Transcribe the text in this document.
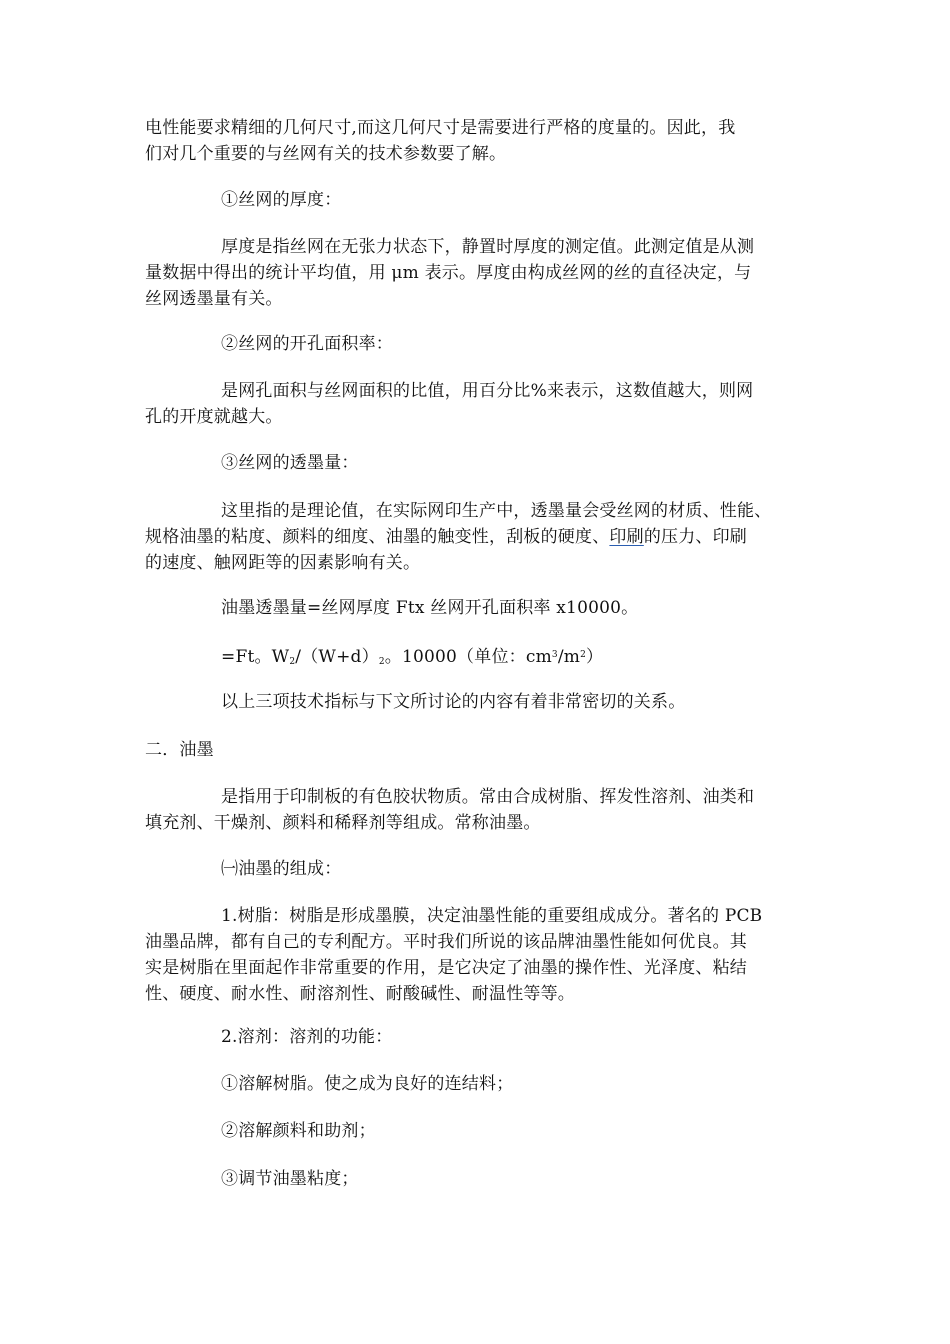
电性能要求精细的几何尺寸,而这几何尺寸是需要进行严格的度量的。因此，我
们对几个重要的与丝网有关的技术参数要了解。
①丝网的厚度：
厚度是指丝网在无张力状态下，静置时厚度的测定值。此测定值是从测
量数据中得出的统计平均值，用 μm 表示。厚度由构成丝网的丝的直径决定，与
丝网透墨量有关。
②丝网的开孔面积率：
是网孔面积与丝网面积的比值，用百分比%来表示，这数值越大，则网
孔的开度就越大。
③丝网的透墨量：
这里指的是理论值，在实际网印生产中，透墨量会受丝网的材质、性能、
规格油墨的粘度、颜料的细度、油墨的触变性，刮板的硬度、印刷的压力、印刷
的速度、触网距等的因素影响有关。
油墨透墨量=丝网厚度 Ftx 丝网开孔面积率 x10000。
=Ft。$W_2/(W+d)_2$。10000（单位：$cm^3/m^2$）
以上三项技术指标与下文所讨论的内容有着非常密切的关系。
二．油墨
是指用于印制板的有色胶状物质。常由合成树脂、挥发性溶剂、油类和
填充剂、干燥剂、颜料和稀释剂等组成。常称油墨。
㈠油墨的组成：
1.树脂：树脂是形成墨膜，决定油墨性能的重要组成成分。著名的 PCB
油墨品牌，都有自己的专利配方。平时我们所说的该品牌油墨性能如何优良。其
实是树脂在里面起作非常重要的作用，是它决定了油墨的操作性、光泽度、粘结
性、硬度、耐水性、耐溶剂性、耐酸碱性、耐温性等等。
2.溶剂：溶剂的功能：
①溶解树脂。使之成为良好的连结料；
②溶解颜料和助剂；
③调节油墨粘度；
